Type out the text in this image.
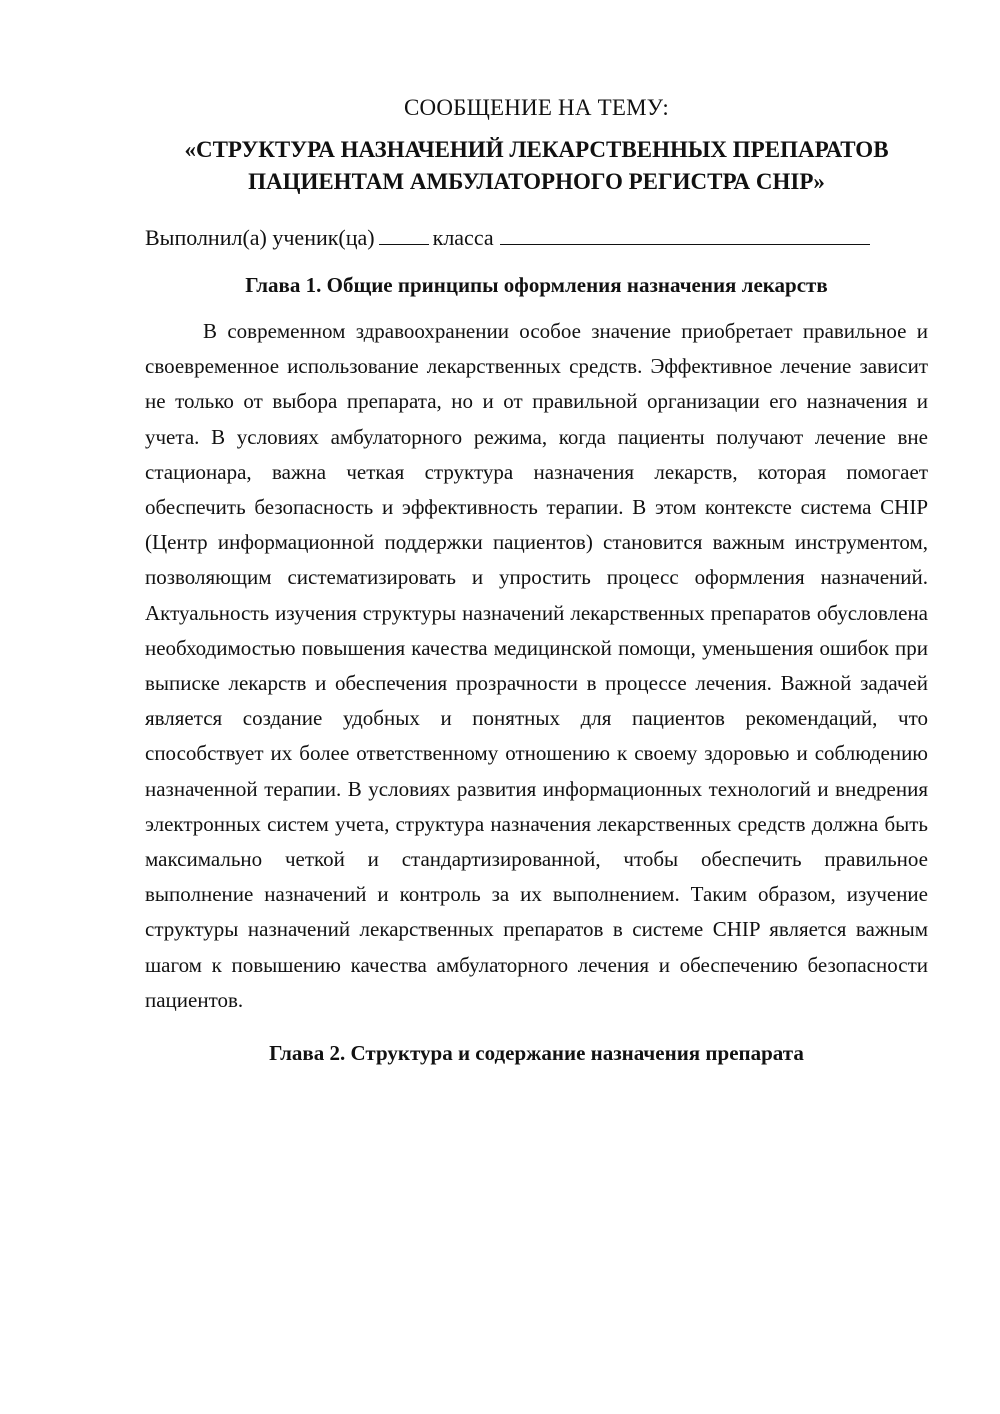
СООБЩЕНИЕ НА ТЕМУ:
«СТРУКТУРА НАЗНАЧЕНИЙ ЛЕКАРСТВЕННЫХ ПРЕПАРАТОВ ПАЦИЕНТАМ АМБУЛАТОРНОГО РЕГИСТРА CHIP»
Выполнил(а) ученик(ца)	класса
Глава 1. Общие принципы оформления назначения лекарств

В современном здравоохранении особое значение приобретает правильное и своевременное использование лекарственных средств. Эффективное лечение зависит не только от выбора препарата, но и от правильной организации его назначения и учета. В условиях амбулаторного режима, когда пациенты получают лечение вне стационара, важна четкая структура назначения лекарств, которая помогает обеспечить безопасность и эффективность терапии. В этом контексте система CHIP (Центр информационной поддержки пациентов) становится важным инструментом, позволяющим систематизировать и упростить процесс оформления назначений. Актуальность изучения структуры назначений лекарственных препаратов обусловлена необходимостью повышения качества медицинской помощи, уменьшения ошибок при выписке лекарств и обеспечения прозрачности в процессе лечения. Важной задачей является создание удобных и понятных для пациентов рекомендаций, что способствует их более ответственному отношению к своему здоровью и соблюдению назначенной терапии. В условиях развития информационных технологий и внедрения электронных систем учета, структура назначения лекарственных средств должна быть максимально четкой и стандартизированной, чтобы обеспечить правильное выполнение назначений и контроль за их выполнением. Таким образом, изучение структуры назначений лекарственных препаратов в системе CHIP является важным шагом к повышению качества амбулаторного лечения и обеспечению безопасности пациентов.

Глава 2. Структура и содержание назначения препарата
